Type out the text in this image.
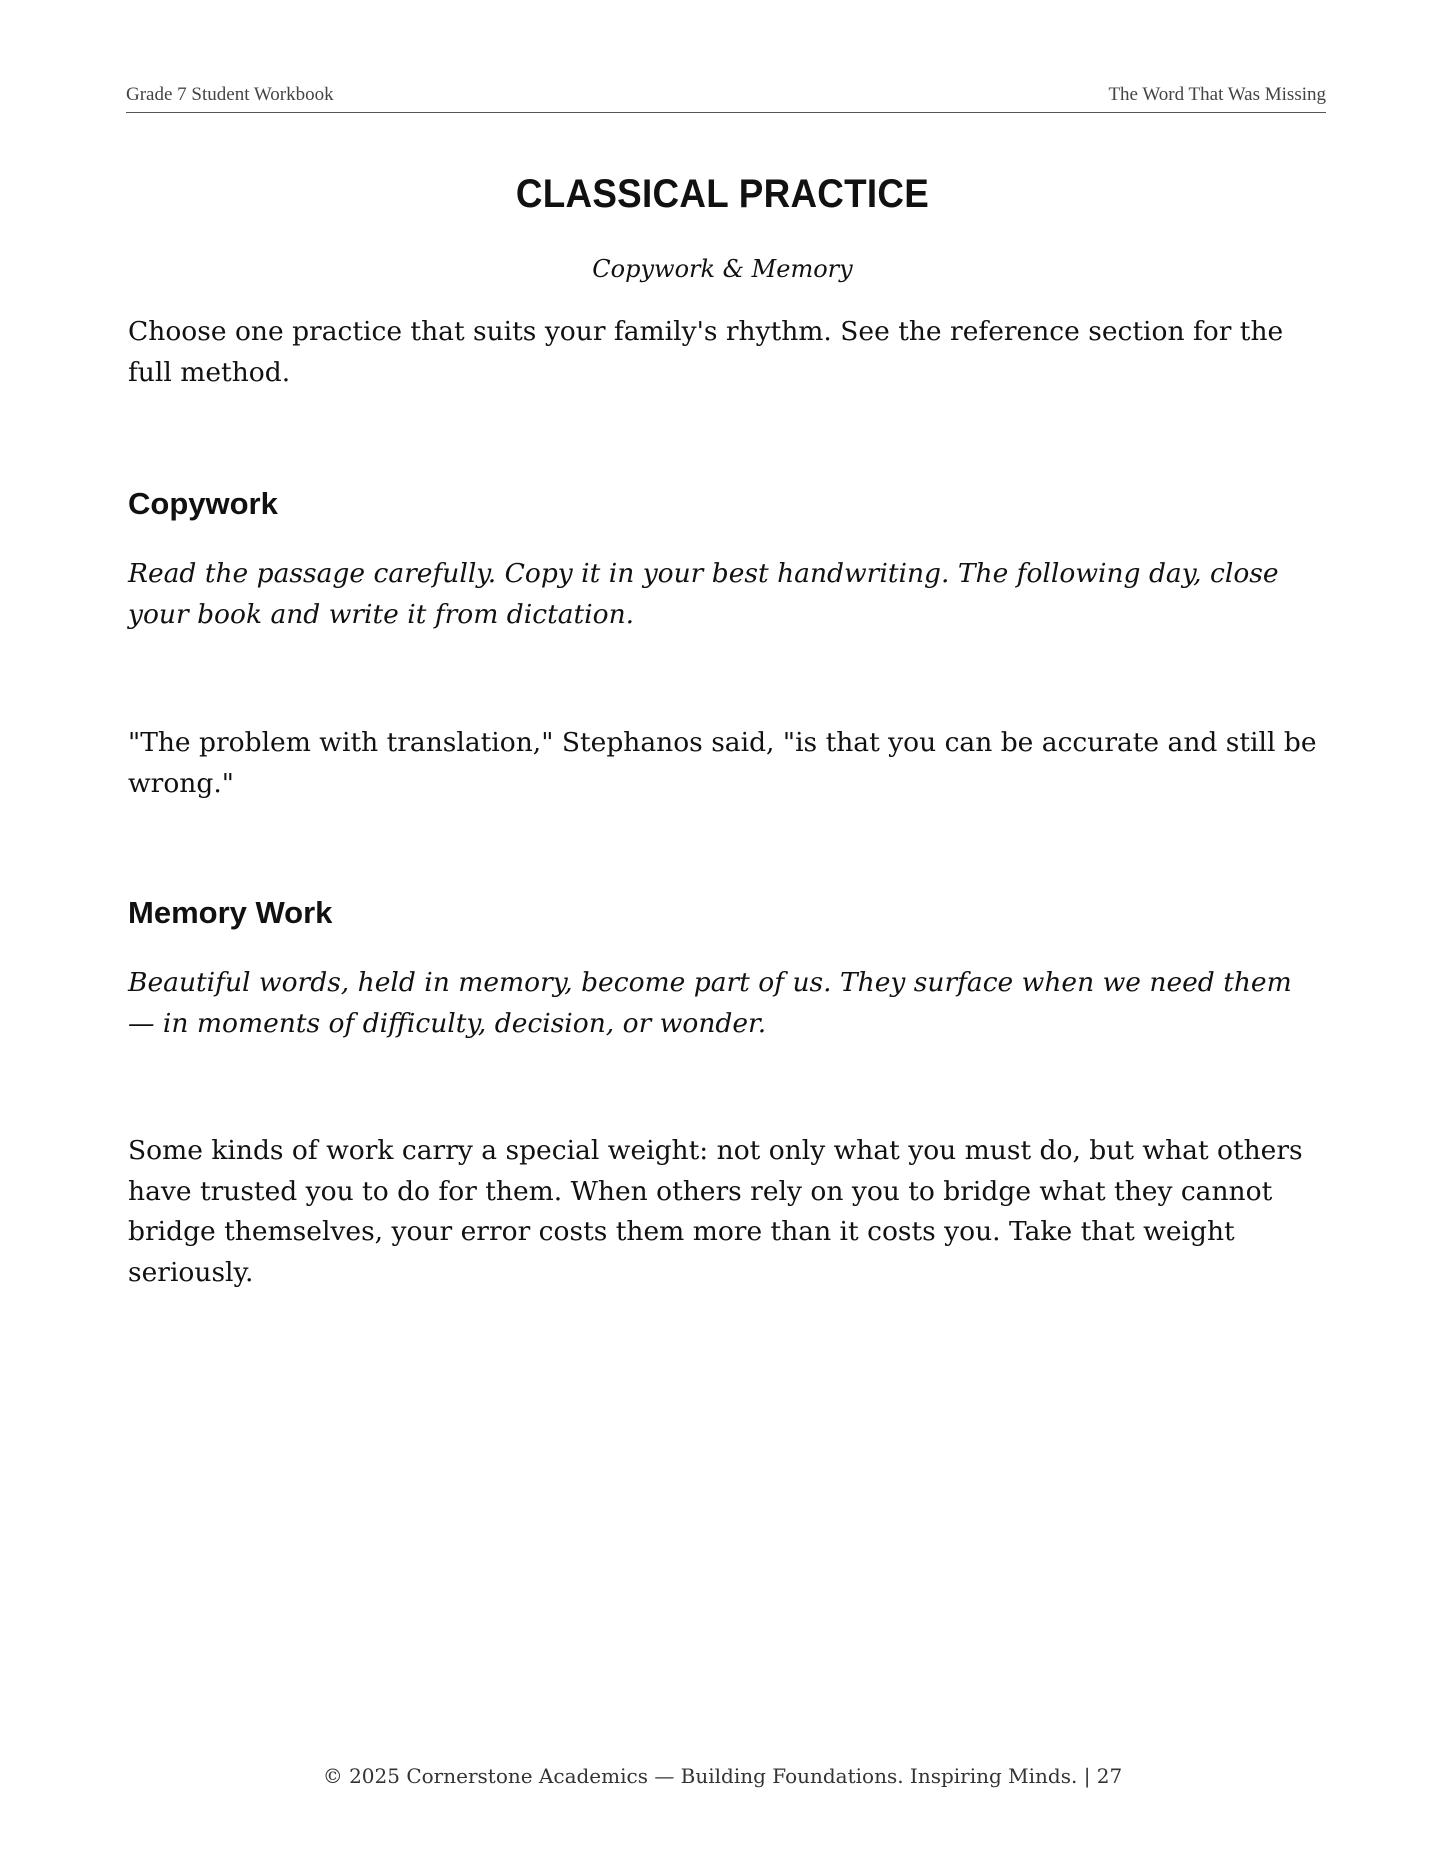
Grade 7 Student Workbook	The Word That Was Missing
CLASSICAL PRACTICE

Copywork & Memory

Choose one practice that suits your family's rhythm. See the reference section for the full method.

Copywork

Read the passage carefully. Copy it in your best handwriting. The following day, close your book and write it from dictation.

"The problem with translation," Stephanos said, "is that you can be accurate and still be wrong."

Memory Work

Beautiful words, held in memory, become part of us. They surface when we need them — in moments of difficulty, decision, or wonder.

Some kinds of work carry a special weight: not only what you must do, but what others have trusted you to do for them. When others rely on you to bridge what they cannot bridge themselves, your error costs them more than it costs you. Take that weight seriously.

© 2025 Cornerstone Academics — Building Foundations. Inspiring Minds. | 27
